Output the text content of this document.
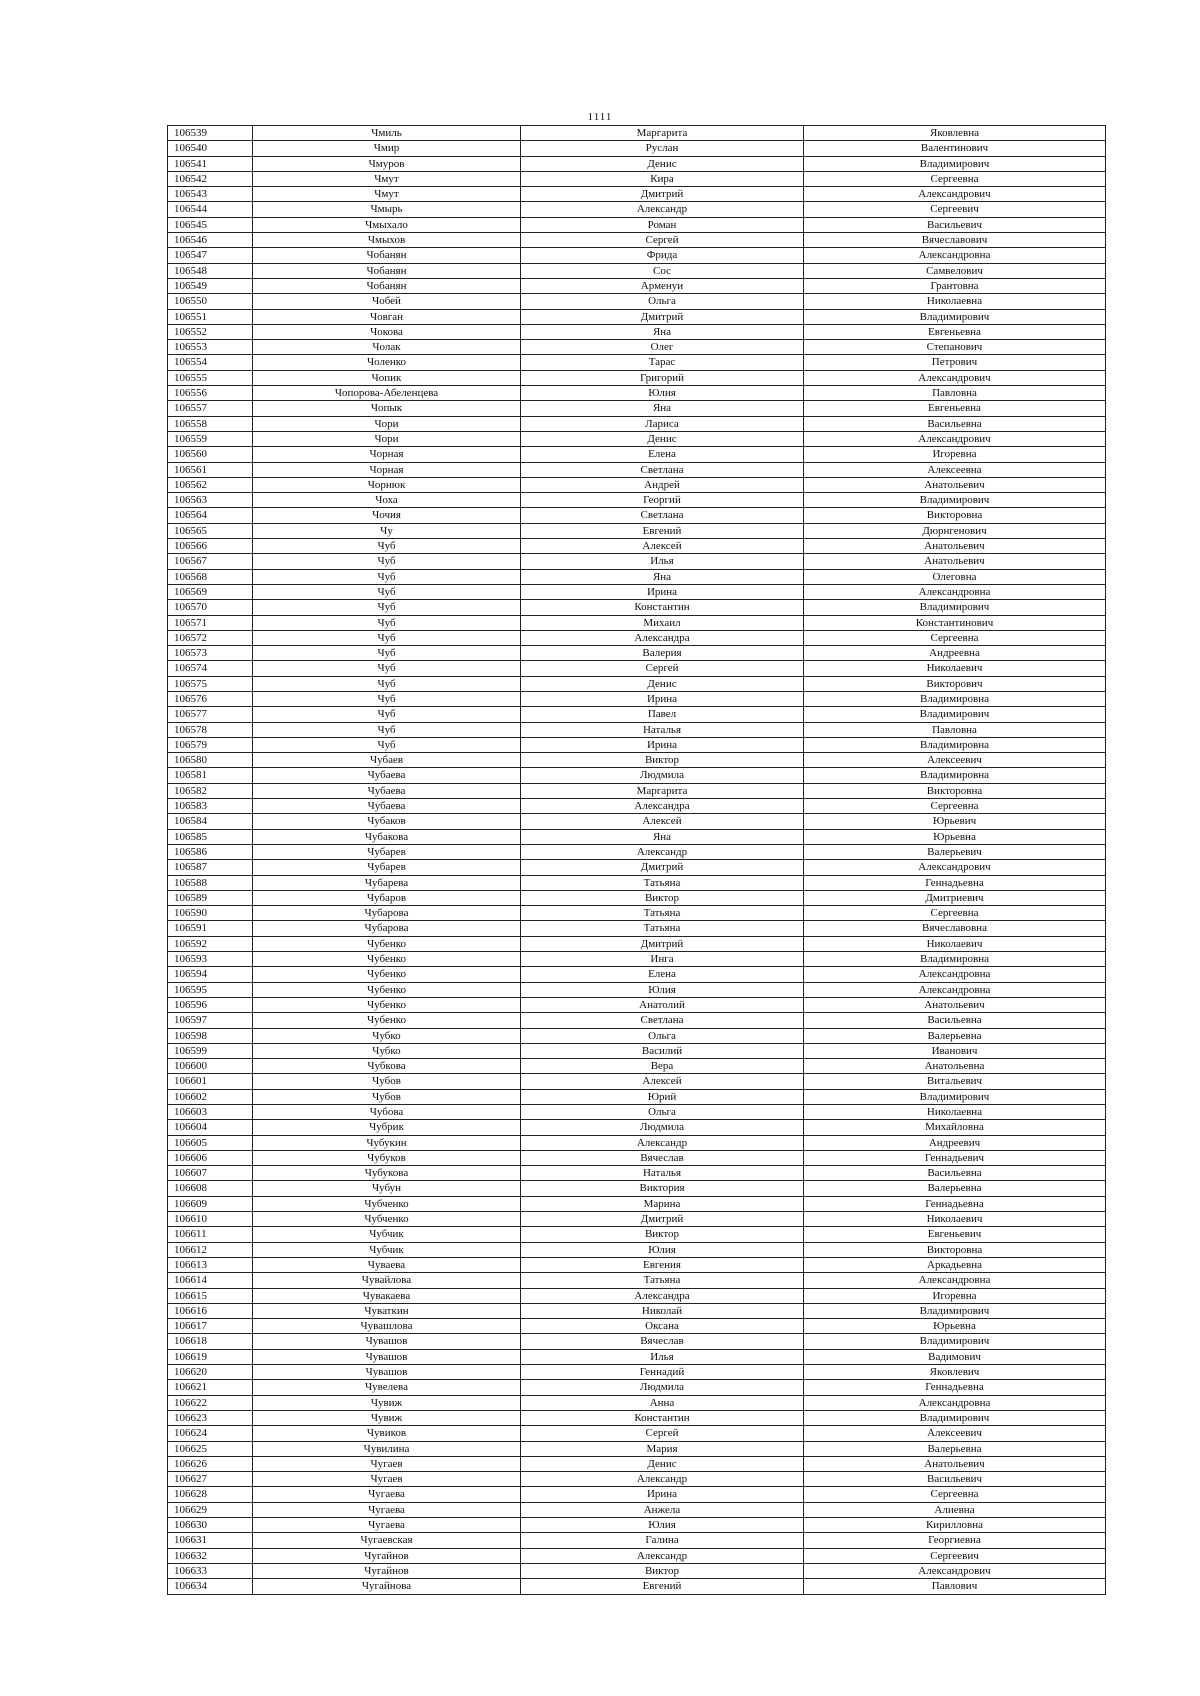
1111
106539	Чмиль	Маргарита	Яковлевна
106540	Чмир	Руслан	Валентинович
106541	Чмуров	Денис	Владимирович
106542	Чмут	Кира	Сергеевна
106543	Чмут	Дмитрий	Александрович
106544	Чмырь	Александр	Сергеевич
106545	Чмыхало	Роман	Васильевич
106546	Чмыхов	Сергей	Вячеславович
106547	Чобанян	Фрида	Александровна
106548	Чобанян	Сос	Самвелович
106549	Чобанян	Арменуи	Грантовна
106550	Чобей	Ольга	Николаевна
106551	Човган	Дмитрий	Владимирович
106552	Чокова	Яна	Евгеньевна
106553	Чолак	Олег	Степанович
106554	Чоленко	Тарас	Петрович
106555	Чопик	Григорий	Александрович
106556	Чопорова-Абеленцева	Юлия	Павловна
106557	Чопык	Яна	Евгеньевна
106558	Чори	Лариса	Васильевна
106559	Чори	Денис	Александрович
106560	Чорная	Елена	Игоревна
106561	Чорная	Светлана	Алексеевна
106562	Чорнюк	Андрей	Анатольевич
106563	Чоха	Георгий	Владимирович
106564	Чочия	Светлана	Викторовна
106565	Чу	Евгений	Дюрнгенович
106566	Чуб	Алексей	Анатольевич
106567	Чуб	Илья	Анатольевич
106568	Чуб	Яна	Олеговна
106569	Чуб	Ирина	Александровна
106570	Чуб	Константин	Владимирович
106571	Чуб	Михаил	Константинович
106572	Чуб	Александра	Сергеевна
106573	Чуб	Валерия	Андреевна
106574	Чуб	Сергей	Николаевич
106575	Чуб	Денис	Викторович
106576	Чуб	Ирина	Владимировна
106577	Чуб	Павел	Владимирович
106578	Чуб	Наталья	Павловна
106579	Чуб	Ирина	Владимировна
106580	Чубаев	Виктор	Алексеевич
106581	Чубаева	Людмила	Владимировна
106582	Чубаева	Маргарита	Викторовна
106583	Чубаева	Александра	Сергеевна
106584	Чубаков	Алексей	Юрьевич
106585	Чубакова	Яна	Юрьевна
106586	Чубарев	Александр	Валерьевич
106587	Чубарев	Дмитрий	Александрович
106588	Чубарева	Татьяна	Геннадьевна
106589	Чубаров	Виктор	Дмитриевич
106590	Чубарова	Татьяна	Сергеевна
106591	Чубарова	Татьяна	Вячеславовна
106592	Чубенко	Дмитрий	Николаевич
106593	Чубенко	Инга	Владимировна
106594	Чубенко	Елена	Александровна
106595	Чубенко	Юлия	Александровна
106596	Чубенко	Анатолий	Анатольевич
106597	Чубенко	Светлана	Васильевна
106598	Чубко	Ольга	Валерьевна
106599	Чубко	Василий	Иванович
106600	Чубкова	Вера	Анатольевна
106601	Чубов	Алексей	Витальевич
106602	Чубов	Юрий	Владимирович
106603	Чубова	Ольга	Николаевна
106604	Чубрик	Людмила	Михайловна
106605	Чубукин	Александр	Андреевич
106606	Чубуков	Вячеслав	Геннадьевич
106607	Чубукова	Наталья	Васильевна
106608	Чубун	Виктория	Валерьевна
106609	Чубченко	Марина	Геннадьевна
106610	Чубченко	Дмитрий	Николаевич
106611	Чубчик	Виктор	Евгеньевич
106612	Чубчик	Юлия	Викторовна
106613	Чуваева	Евгения	Аркадьевна
106614	Чувайлова	Татьяна	Александровна
106615	Чувакаева	Александра	Игоревна
106616	Чуваткин	Николай	Владимирович
106617	Чувашлова	Оксана	Юрьевна
106618	Чувашов	Вячеслав	Владимирович
106619	Чувашов	Илья	Вадимович
106620	Чувашов	Геннадий	Яковлевич
106621	Чувелева	Людмила	Геннадьевна
106622	Чувиж	Анна	Александровна
106623	Чувиж	Константин	Владимирович
106624	Чувиков	Сергей	Алексеевич
106625	Чувилина	Мария	Валерьевна
106626	Чугаев	Денис	Анатольевич
106627	Чугаев	Александр	Васильевич
106628	Чугаева	Ирина	Сергеевна
106629	Чугаева	Анжела	Алиевна
106630	Чугаева	Юлия	Кирилловна
106631	Чугаевская	Галина	Георгиевна
106632	Чугайнов	Александр	Сергеевич
106633	Чугайнов	Виктор	Александрович
106634	Чугайнова	Евгений	Павлович
